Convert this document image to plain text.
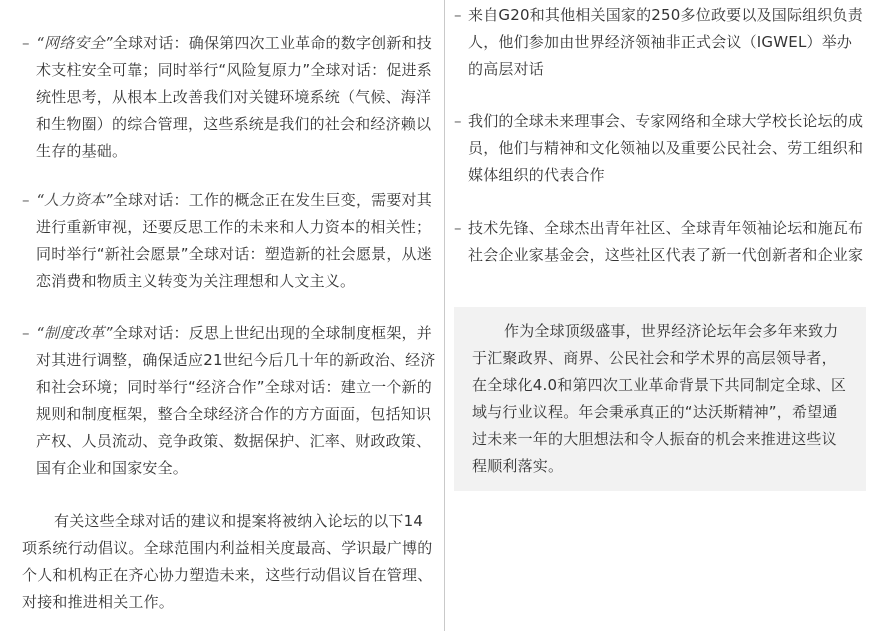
– “网络安全”全球对话：确保第四次工业革命的数字创新和技术支柱安全可靠；同时举行“风险复原力”全球对话：促进系统性思考，从根本上改善我们对关键环境系统（气候、海洋和生物圈）的综合管理，这些系统是我们的社会和经济赖以生存的基础。
– “人力资本”全球对话：工作的概念正在发生巨变，需要对其进行重新审视，还要反思工作的未来和人力资本的相关性；同时举行“新社会愿景”全球对话：塑造新的社会愿景，从迷恋消费和物质主义转变为关注理想和人文主义。
– “制度改革”全球对话：反思上世纪出现的全球制度框架，并对其进行调整，确保适应21世纪今后几十年的新政治、经济和社会环境；同时举行“经济合作”全球对话：建立一个新的规则和制度框架，整合全球经济合作的方方面面，包括知识产权、人员流动、竞争政策、数据保护、汇率、财政政策、国有企业和国家安全。
有关这些全球对话的建议和提案将被纳入论坛的以下14项系统行动倡议。全球范围内利益相关度最高、学识最广博的个人和机构正在齐心协力塑造未来，这些行动倡议旨在管理、对接和推进相关工作。
– 来自G20和其他相关国家的250多位政要以及国际组织负责人，他们参加由世界经济领袖非正式会议（IGWEL）举办的高层对话
– 我们的全球未来理事会、专家网络和全球大学校长论坛的成员，他们与精神和文化领袖以及重要公民社会、劳工组织和媒体组织的代表合作
– 技术先锋、全球杰出青年社区、全球青年领袖论坛和施瓦布社会企业家基金会，这些社区代表了新一代创新者和企业家
作为全球顶级盛事，世界经济论坛年会多年来致力于汇聚政界、商界、公民社会和学术界的高层领导者，在全球化4.0和第四次工业革命背景下共同制定全球、区域与行业议程。年会秉承真正的“达沃斯精神”，希望通过未来一年的大胆想法和令人振奋的机会来推进这些议程顺利落实。
